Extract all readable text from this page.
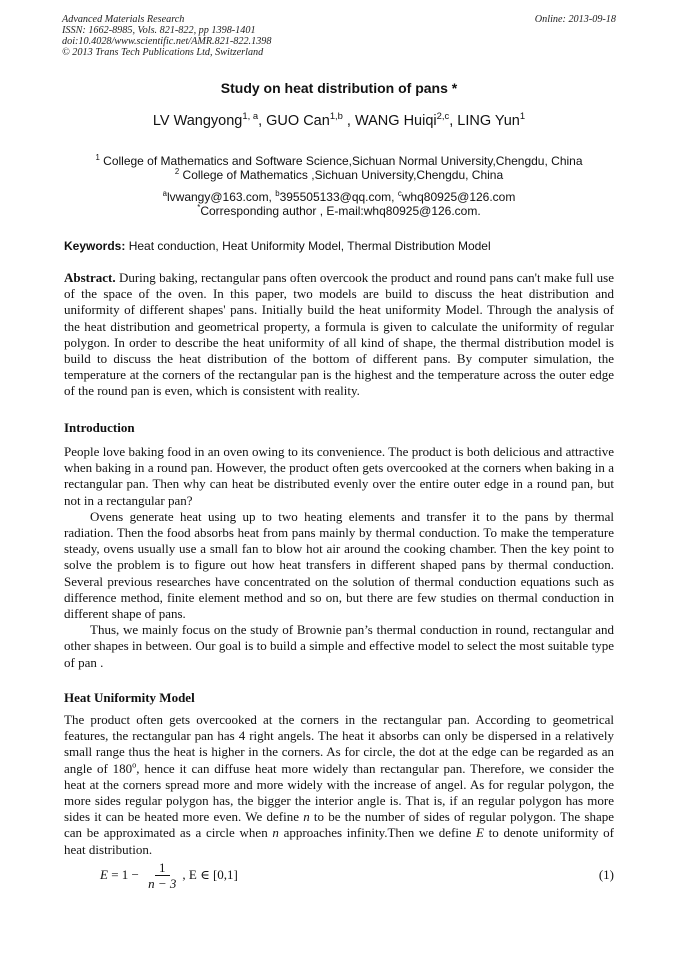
Advanced Materials Research
ISSN: 1662-8985, Vols. 821-822, pp 1398-1401
doi:10.4028/www.scientific.net/AMR.821-822.1398
© 2013 Trans Tech Publications Ltd, Switzerland
Online: 2013-09-18
Study on heat distribution of pans *
LV Wangyong$^{1, a}$, GUO Can$^{1,b}$ , WANG Huiqi$^{2,c}$, LING Yun$^1$
$^1$ College of Mathematics and Software Science,Sichuan Normal University,Chengdu, China
$^2$ College of Mathematics ,Sichuan University,Chengdu, China
$^a$lvwangy@163.com, $^b$395505133@qq.com, $^c$whq80925@126.com
*Corresponding author , E-mail:whq80925@126.com.
Keywords: Heat conduction, Heat Uniformity Model, Thermal Distribution Model

Abstract. During baking, rectangular pans often overcook the product and round pans can't make full use of the space of the oven. In this paper, two models are build to discuss the heat distribution and uniformity of different shapes' pans. Initially build the heat uniformity Model. Through the analysis of the heat distribution and geometrical property, a formula is given to calculate the uniformity of regular polygon. In order to describe the heat uniformity of all kind of shape, the thermal distribution model is build to discuss the heat distribution of the bottom of different pans. By computer simulation, the temperature at the corners of the rectangular pan is the highest and the temperature across the outer edge of the round pan is even, which is consistent with reality.

Introduction

People love baking food in an oven owing to its convenience. The product is both delicious and attractive when baking in a round pan. However, the product often gets overcooked at the corners when baking in a rectangular pan. Then why can heat be distributed evenly over the entire outer edge in a round pan, but not in a rectangular pan?

Ovens generate heat using up to two heating elements and transfer it to the pans by thermal radiation. Then the food absorbs heat from pans mainly by thermal conduction. To make the temperature steady, ovens usually use a small fan to blow hot air around the cooking chamber. Then the key point to solve the problem is to figure out how heat transfers in different shaped pans by thermal conduction. Several previous researches have concentrated on the solution of thermal conduction equations such as difference method, finite element method and so on, but there are few studies on thermal conduction in different shape of pans.

Thus, we mainly focus on the study of Brownie pan’s thermal conduction in round, rectangular and other shapes in between. Our goal is to build a simple and effective model to select the most suitable type of pan .

Heat Uniformity Model

The product often gets overcooked at the corners in the rectangular pan. According to geometrical features, the rectangular pan has 4 right angels. The heat it absorbs can only be dispersed in a relatively small range thus the heat is higher in the corners. As for circle, the dot at the edge can be regarded as an angle of 180$^o$, hence it can diffuse heat more widely than rectangular pan. Therefore, we consider the heat at the corners spread more and more widely with the increase of angel. As for regular polygon, the more sides regular polygon has, the bigger the interior angle is. That is, if an regular polygon has more sides it can be heated more even. We define n to be the number of sides of regular polygon. The shape can be approximated as a circle when n approaches infinity.Then we define E to denote uniformity of heat distribution.

$E = 1 - \frac{1}{n - 3}$ , E ∈ [0,1]	(1)
